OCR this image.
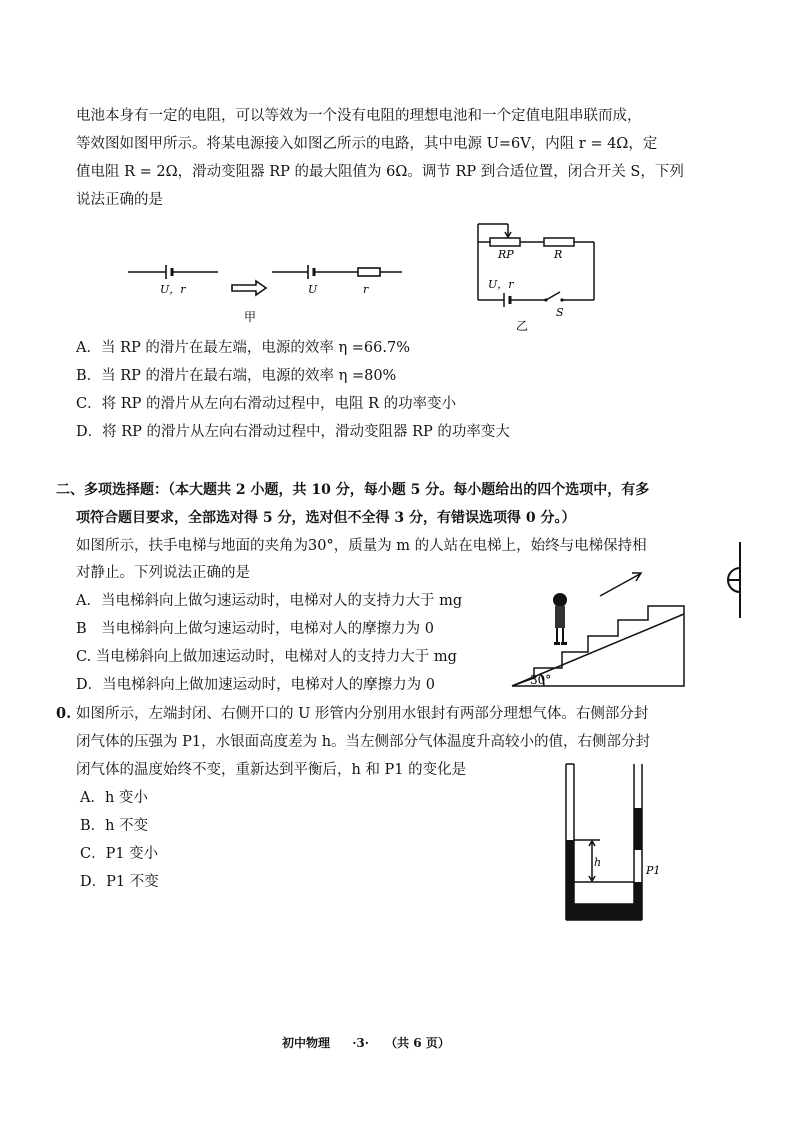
电池本身有一定的电阻，可以等效为一个没有电阻的理想电池和一个定值电阻串联而成，
等效图如图甲所示。将某电源接入如图乙所示的电路，其中电源 U=6V，内阻 r = 4Ω，定
值电阻 R = 2Ω，滑动变阻器 RP 的最大阻值为 6Ω。调节 RP 到合适位置，闭合开关 S，下列
说法正确的是
U，r	U	r
甲
RP	R
U，r
S
乙
A．当 RP 的滑片在最左端，电源的效率 η =66.7%
B．当 RP 的滑片在最右端，电源的效率 η =80%
C．将 RP 的滑片从左向右滑动过程中，电阻 R 的功率变小
D．将 RP 的滑片从左向右滑动过程中，滑动变阻器 RP 的功率变大
二、多项选择题：（本大题共 2 小题，共 10 分，每小题 5 分。每小题给出的四个选项中，有多
项符合题目要求，全部选对得 5 分，选对但不全得 3 分，有错误选项得 0 分。）
如图所示，扶手电梯与地面的夹角为30°，质量为 m 的人站在电梯上，始终与电梯保持相
对静止。下列说法正确的是
A．当电梯斜向上做匀速运动时，电梯对人的支持力大于 mg
B　当电梯斜向上做匀速运动时，电梯对人的摩擦力为 0
C. 当电梯斜向上做加速运动时，电梯对人的支持力大于 mg
D．当电梯斜向上做加速运动时，电梯对人的摩擦力为 0	30°
0. 如图所示，左端封闭、右侧开口的 U 形管内分别用水银封有两部分理想气体。右侧部分封
闭气体的压强为 P1，水银面高度差为 h。当左侧部分气体温度升高较小的值，右侧部分封
闭气体的温度始终不变，重新达到平衡后，h 和 P1 的变化是
A．h 变小
B．h 不变
C．P1 变小
D．P1 不变
h
P1
初中物理 ·3· （共 6 页）
